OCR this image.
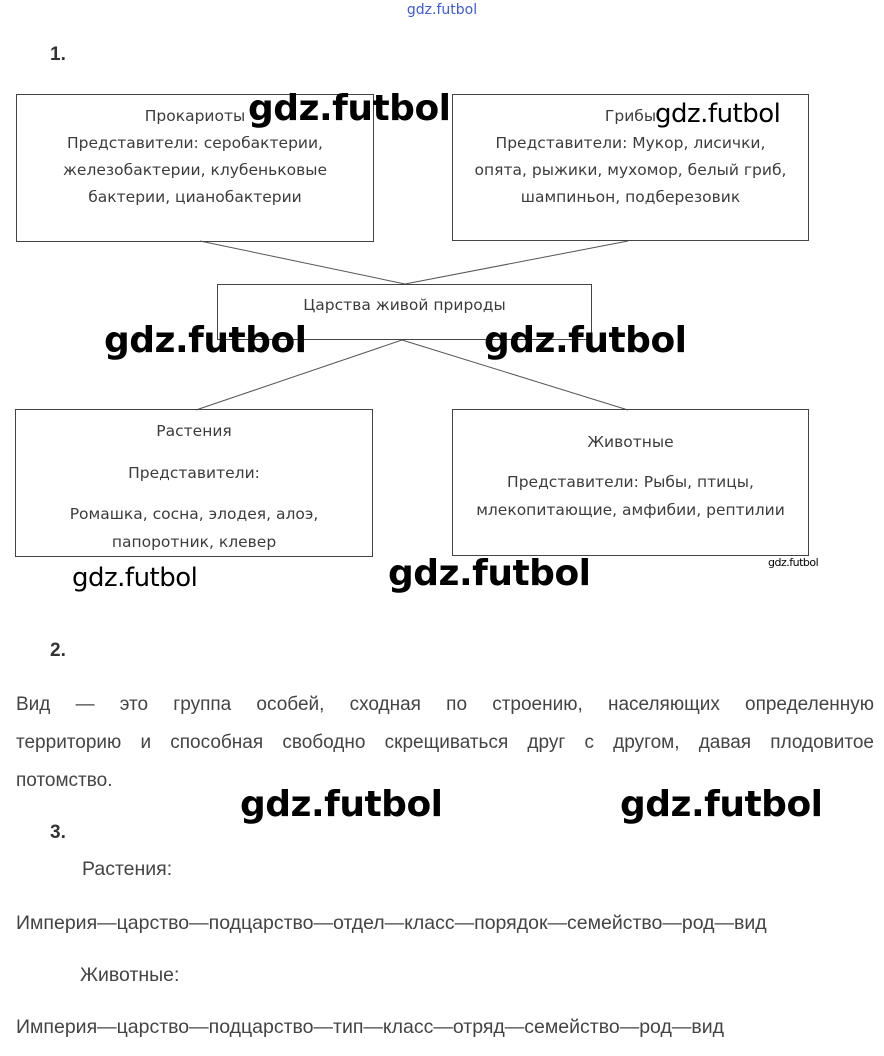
gdz.futbol
1.
Прокариоты
Представители: серобактерии,
железобактерии, клубеньковые
бактерии, цианобактерии
Грибы
Представители: Мукор, лисички,
опята, рыжики, мухомор, белый гриб,
шампиньон, подберезовик
Царства живой природы
Растения
Представители:
Ромашка, сосна, элодея, алоэ,
папоротник, клевер
Животные
Представители: Рыбы, птицы,
млекопитающие, амфибии, рептилии
gdz.futbol	gdz.futbol
gdz.futbol	gdz.futbol
gdz.futbol	gdz.futbol	gdz.futbol
2.
Вид — это группа особей, сходная по строению, населяющих определенную
территорию и способная свободно скрещиваться друг с другом, давая плодовитое
потомство.
gdz.futbol	gdz.futbol
3.
Растения:
Империя—царство—подцарство—отдел—класс—порядок—семейство—род—вид
Животные:
Империя—царство—подцарство—тип—класс—отряд—семейство—род—вид
